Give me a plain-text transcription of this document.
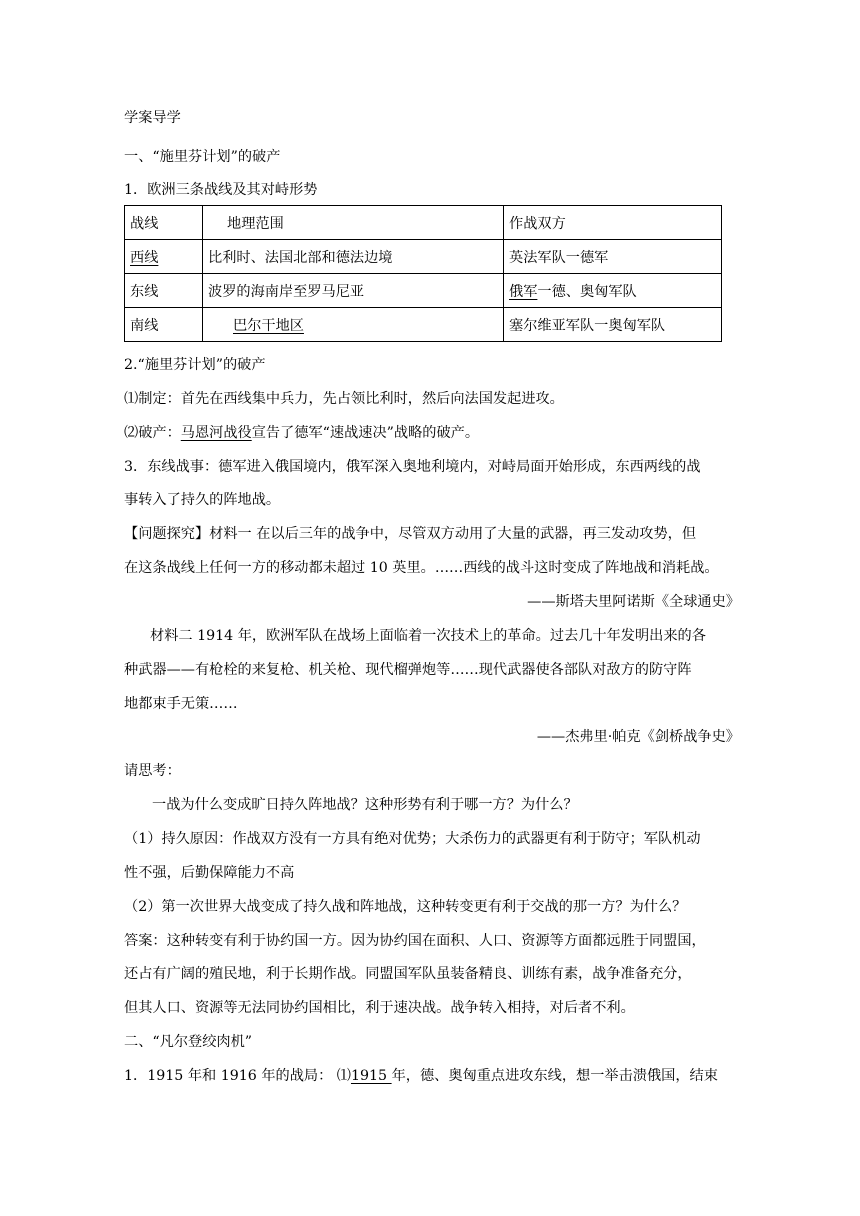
学案导学
一、“施里芬计划”的破产
1．欧洲三条战线及其对峙形势
战线	地理范围	作战双方
西线	比利时、法国北部和德法边境	英法军队一德军
东线	波罗的海南岸至罗马尼亚	俄军一德、奥匈军队
南线	巴尔干地区	塞尔维亚军队一奥匈军队
2.“施里芬计划”的破产
⑴制定：首先在西线集中兵力，先占领比利时，然后向法国发起进攻。
⑵破产：马恩河战役宣告了德军“速战速决”战略的破产。
3．东线战事：德军进入俄国境内，俄军深入奥地利境内，对峙局面开始形成，东西两线的战
事转入了持久的阵地战。
【问题探究】材料一 在以后三年的战争中，尽管双方动用了大量的武器，再三发动攻势，但
在这条战线上任何一方的移动都未超过 10 英里。……西线的战斗这时变成了阵地战和消耗战。
——斯塔夫里阿诺斯《全球通史》
材料二 1914 年，欧洲军队在战场上面临着一次技术上的革命。过去几十年发明出来的各
种武器——有枪栓的来复枪、机关枪、现代榴弹炮等……现代武器使各部队对敌方的防守阵
地都束手无策……
——杰弗里·帕克《剑桥战争史》
请思考：
一战为什么变成旷日持久阵地战？这种形势有利于哪一方？为什么？
（1）持久原因：作战双方没有一方具有绝对优势；大杀伤力的武器更有利于防守；军队机动
性不强，后勤保障能力不高
（2）第一次世界大战变成了持久战和阵地战，这种转变更有利于交战的那一方？为什么？
答案：这种转变有利于协约国一方。因为协约国在面积、人口、资源等方面都远胜于同盟国，
还占有广阔的殖民地，利于长期作战。同盟国军队虽装备精良、训练有素，战争准备充分，
但其人口、资源等无法同协约国相比，利于速决战。战争转入相持，对后者不利。
二、“凡尔登绞肉机”
1．1915 年和 1916 年的战局： ⑴1915 年，德、奥匈重点进攻东线，想一举击溃俄国，结束
